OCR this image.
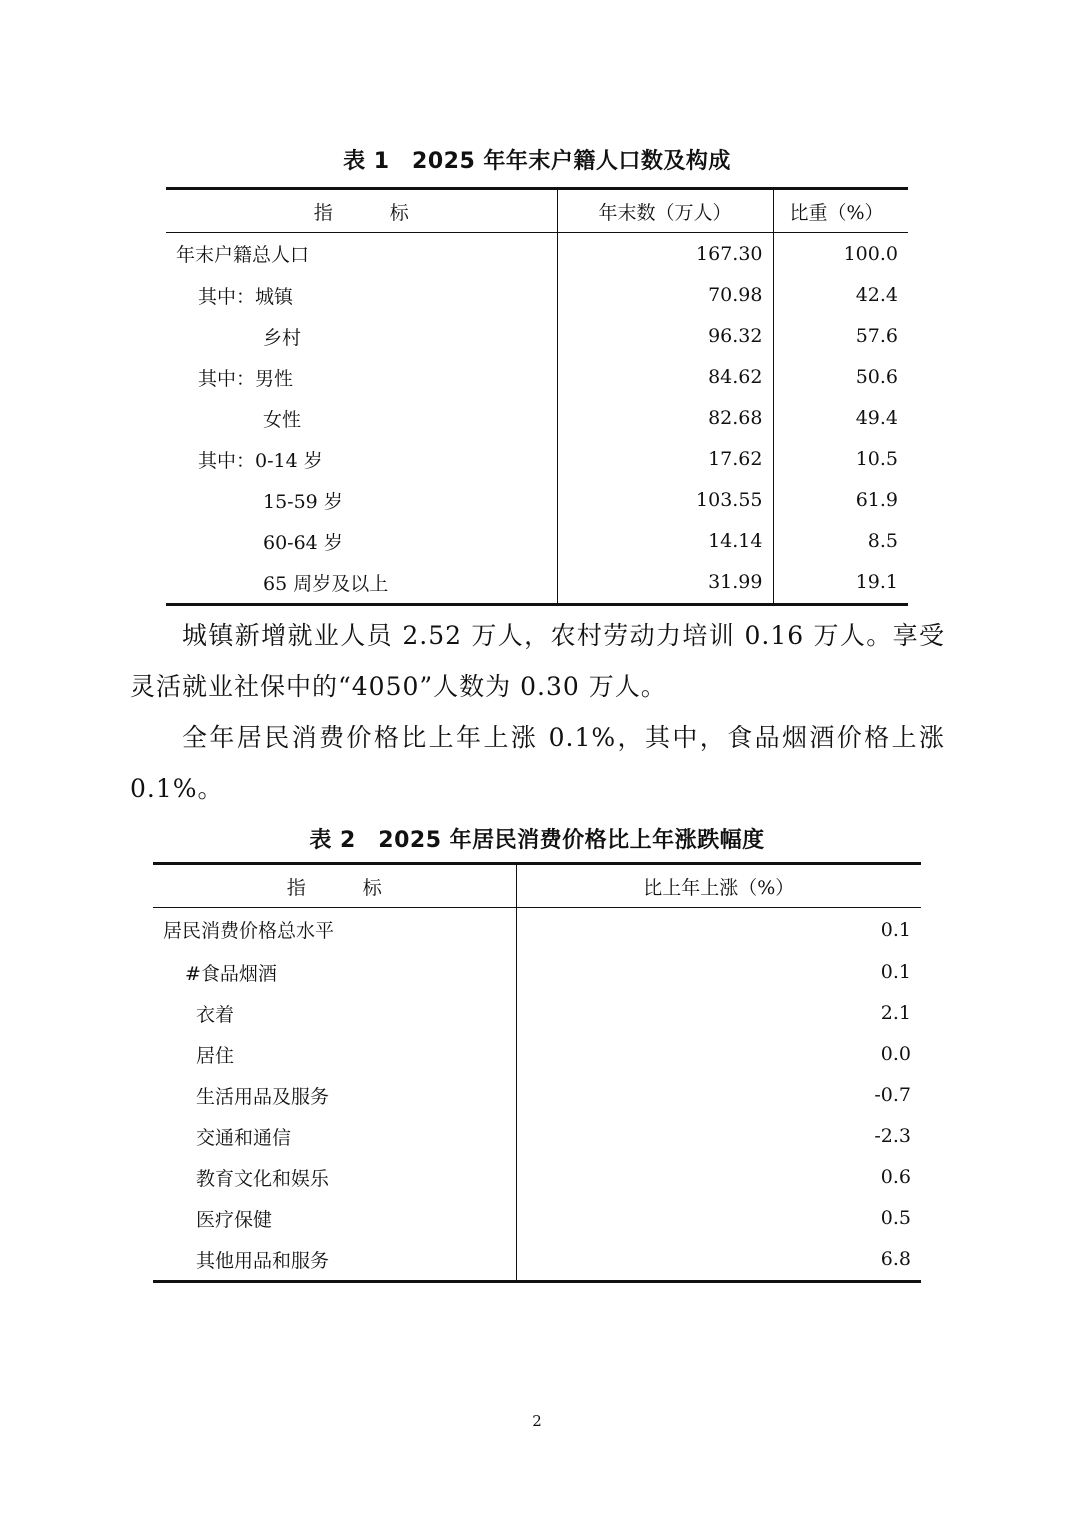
表 1　2025 年年末户籍人口数及构成
指　　　标	年末数（万人）	比重（%）
年末户籍总人口	167.30	100.0
其中：城镇	70.98	42.4
乡村	96.32	57.6
其中：男性	84.62	50.6
女性	82.68	49.4
其中：0-14 岁	17.62	10.5
15-59 岁	103.55	61.9
60-64 岁	14.14	8.5
65 周岁及以上	31.99	19.1

城镇新增就业人员 2.52 万人，农村劳动力培训 0.16 万人。享受灵活就业社保中的“4050”人数为 0.30 万人。

全年居民消费价格比上年上涨 0.1%，其中，食品烟酒价格上涨 0.1%。

表 2　2025 年居民消费价格比上年涨跌幅度
指　　　标	比上年上涨（%）
居民消费价格总水平	0.1
#食品烟酒	0.1
衣着	2.1
居住	0.0
生活用品及服务	-0.7
交通和通信	-2.3
教育文化和娱乐	0.6
医疗保健	0.5
其他用品和服务	6.8
2
